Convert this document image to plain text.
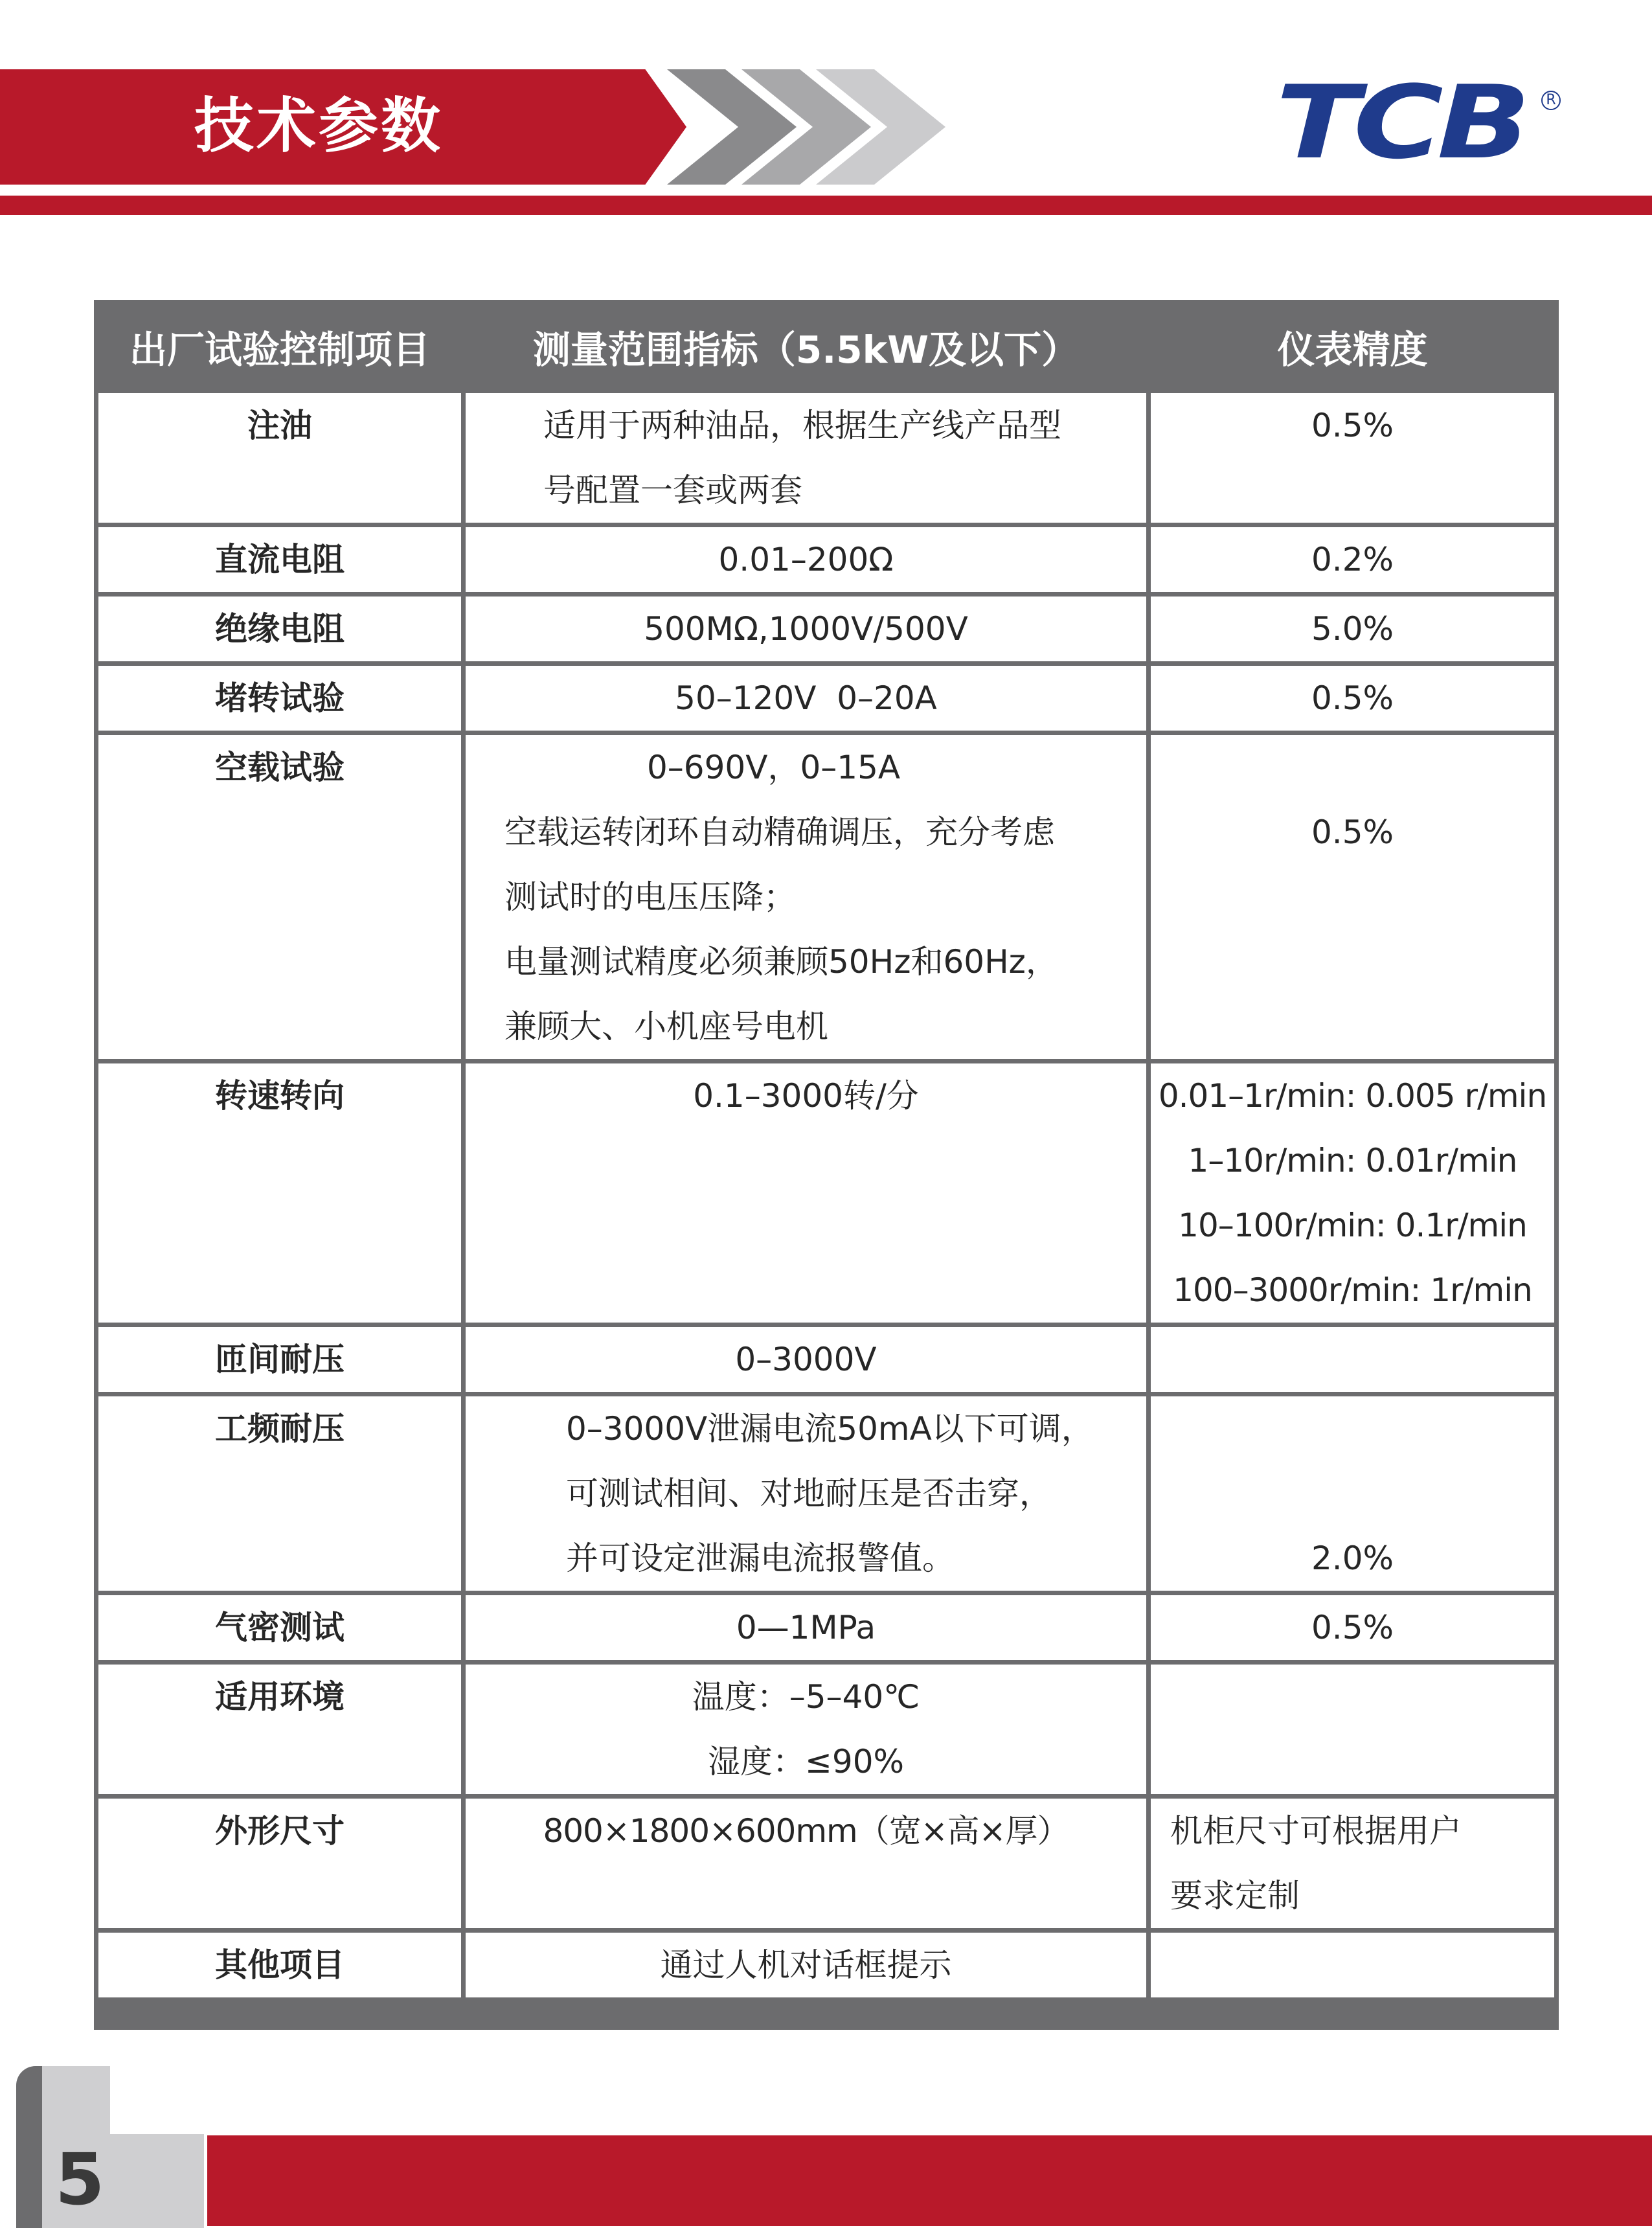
技术参数	TCB	R
出厂试验控制项目	测量范围指标（5.5kW及以下）	仪表精度
注油	适用于两种油品，根据生产线产品型
号配置一套或两套	0.5%
直流电阻	0.01–200Ω	0.2%
绝缘电阻	500MΩ,1000V/500V	5.0%
堵转试验	50–120V  0–20A	0.5%
空载试验	0–690V，0–15A
空载运转闭环自动精确调压，充分考虑
测试时的电压压降；
电量测试精度必须兼顾50Hz和60Hz，
兼顾大、小机座号电机	0.5%

转速转向	0.1–3000转/分	0.01–1r/min: 0.005 r/min
1–10r/min: 0.01r/min
10–100r/min: 0.1r/min
100–3000r/min: 1r/min

匝间耐压	0–3000V	
工频耐压	0–3000V泄漏电流50mA以下可调，
可测试相间、对地耐压是否击穿，
并可设定泄漏电流报警值。	2.0%
气密测试	0—1MPa	0.5%
适用环境	温度：–5–40℃
湿度：≤90%	

外形尺寸	800×1800×600mm（宽×高×厚）	机柜尺寸可根据用户
要求定制

其他项目	通过人机对话框提示	

5
